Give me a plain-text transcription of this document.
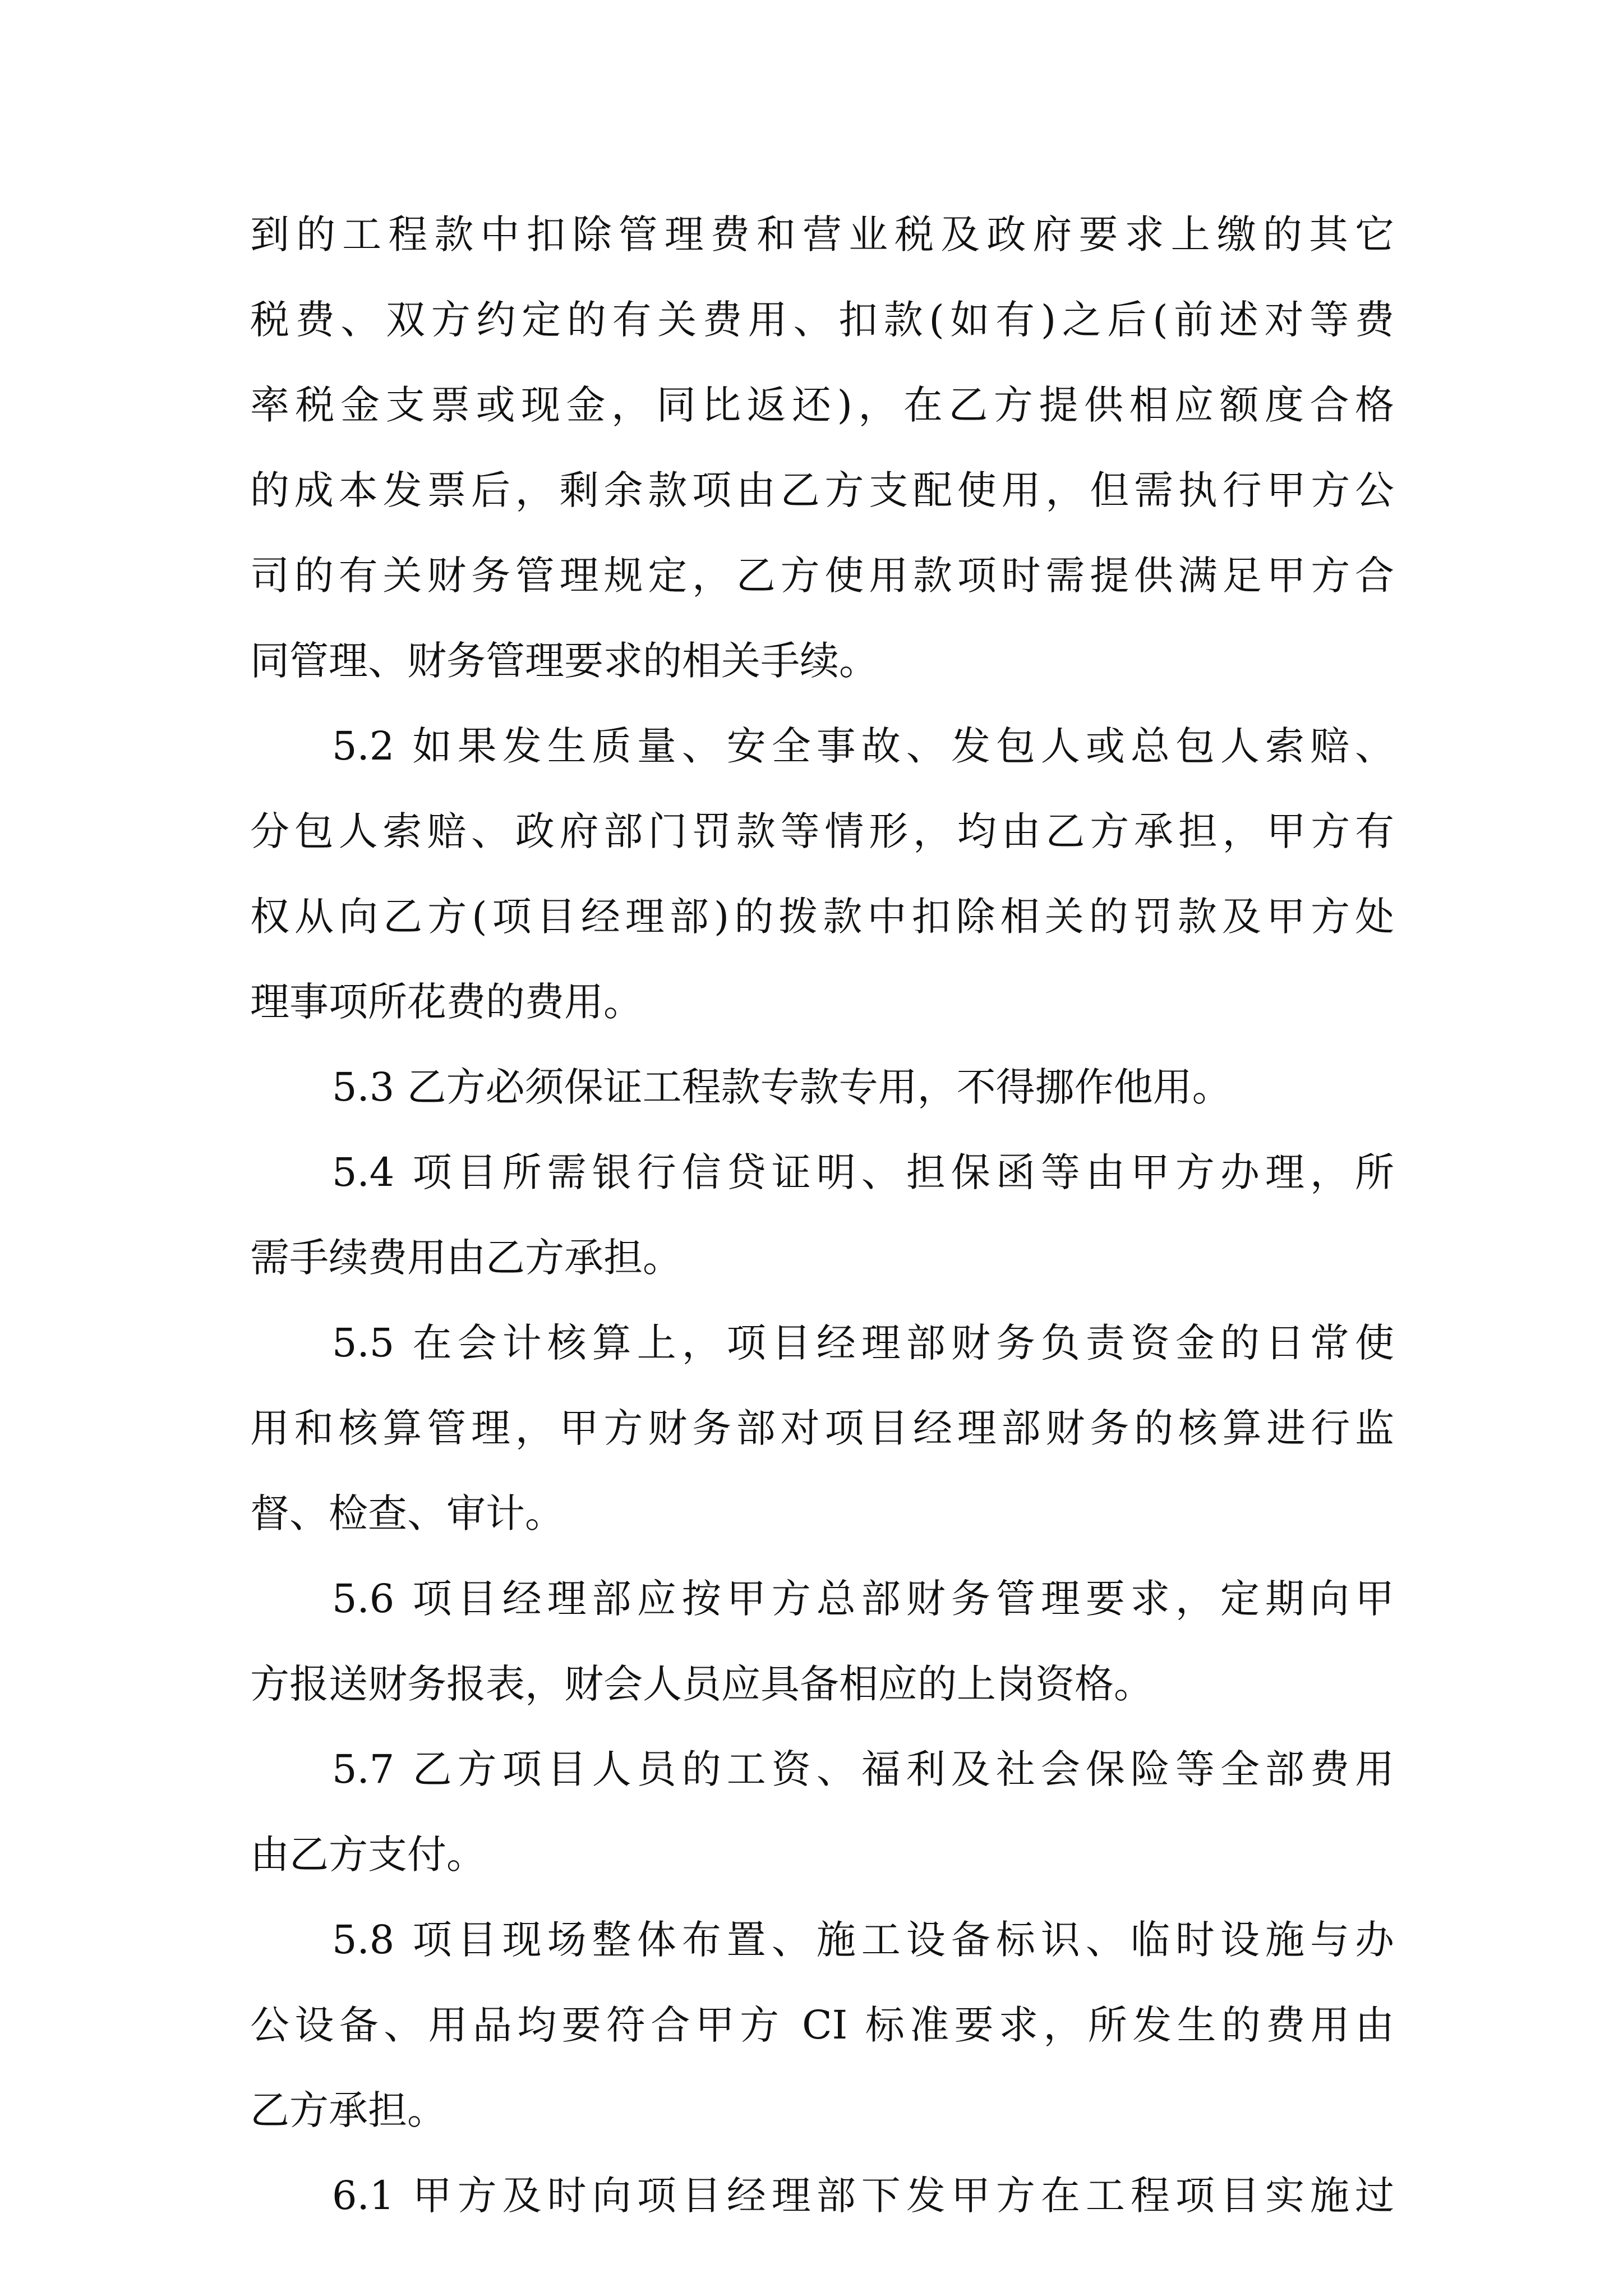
到的工程款中扣除管理费和营业税及政府要求上缴的其它
税费、双方约定的有关费用、扣款(如有)之后(前述对等费
率税金支票或现金，同比返还)，在乙方提供相应额度合格
的成本发票后，剩余款项由乙方支配使用，但需执行甲方公
司的有关财务管理规定，乙方使用款项时需提供满足甲方合
同管理、财务管理要求的相关手续。
5.2 如果发生质量、安全事故、发包人或总包人索赔、
分包人索赔、政府部门罚款等情形，均由乙方承担，甲方有
权从向乙方(项目经理部)的拨款中扣除相关的罚款及甲方处
理事项所花费的费用。
5.3 乙方必须保证工程款专款专用，不得挪作他用。
5.4 项目所需银行信贷证明、担保函等由甲方办理，所
需手续费用由乙方承担。
5.5 在会计核算上，项目经理部财务负责资金的日常使
用和核算管理，甲方财务部对项目经理部财务的核算进行监
督、检查、审计。
5.6 项目经理部应按甲方总部财务管理要求，定期向甲
方报送财务报表，财会人员应具备相应的上岗资格。
5.7 乙方项目人员的工资、福利及社会保险等全部费用
由乙方支付。
5.8 项目现场整体布置、施工设备标识、临时设施与办
公设备、用品均要符合甲方 CI 标准要求，所发生的费用由
乙方承担。
6.1 甲方及时向项目经理部下发甲方在工程项目实施过
